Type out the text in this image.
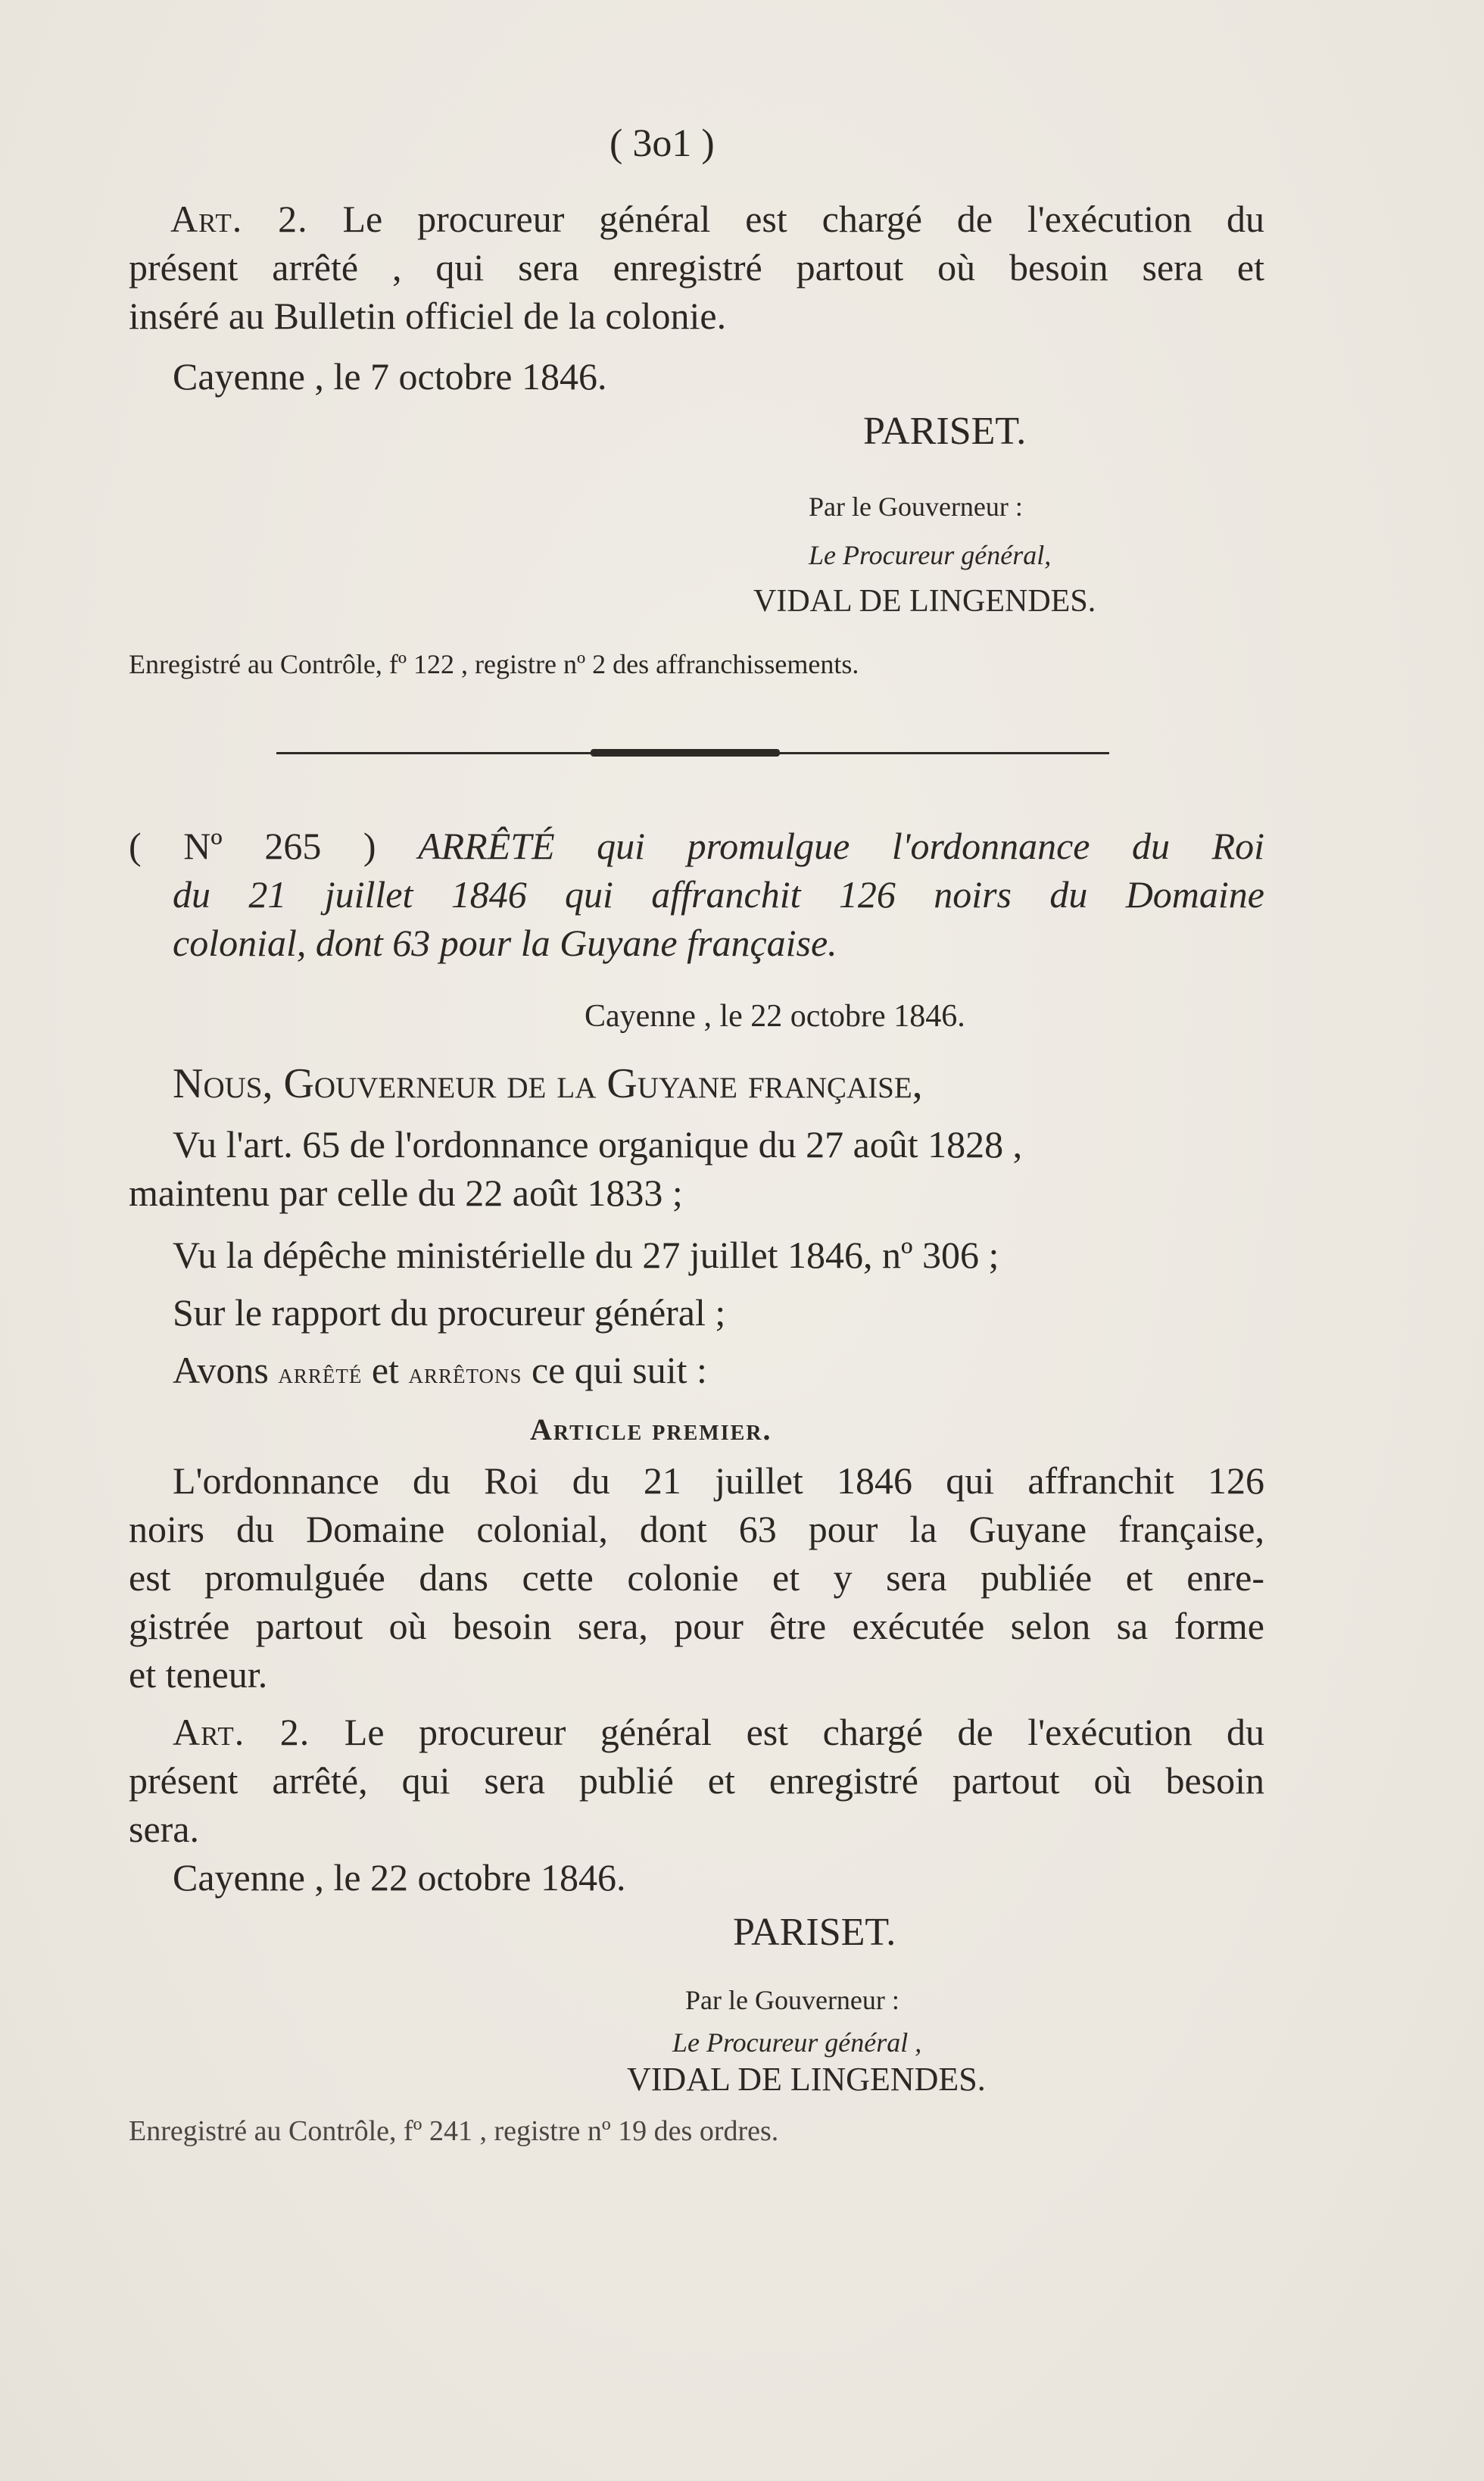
( 3o1 )
Art. 2. Le procureur général est chargé de l'exécution du
présent arrêté , qui sera enregistré partout où besoin sera et
inséré au Bulletin officiel de la colonie.
Cayenne , le 7 octobre 1846.
PARISET.
Par le Gouverneur :
Le Procureur général,
VIDAL DE LINGENDES.
Enregistré au Contrôle, fº 122 , registre nº 2 des affranchissements.
( Nº 265 ) ARRÊTÉ qui promulgue l'ordonnance du Roi
du 21 juillet 1846 qui affranchit 126 noirs du Domaine
colonial, dont 63 pour la Guyane française.
Cayenne , le 22 octobre 1846.
Nous, Gouverneur de la Guyane française,
Vu l'art. 65 de l'ordonnance organique du 27 août 1828 ,
maintenu par celle du 22 août 1833 ;
Vu la dépêche ministérielle du 27 juillet 1846, nº 306 ;
Sur le rapport du procureur général ;
Avons arrêté et arrêtons ce qui suit :
Article premier.
L'ordonnance du Roi du 21 juillet 1846 qui affranchit 126
noirs du Domaine colonial, dont 63 pour la Guyane française,
est promulguée dans cette colonie et y sera publiée et enre-
gistrée partout où besoin sera, pour être exécutée selon sa forme
et teneur.
Art. 2. Le procureur général est chargé de l'exécution du
présent arrêté, qui sera publié et enregistré partout où besoin
sera.
Cayenne , le 22 octobre 1846.
PARISET.
Par le Gouverneur :
Le Procureur général ,
VIDAL DE LINGENDES.
Enregistré au Contrôle, fº 241 , registre nº 19 des ordres.
